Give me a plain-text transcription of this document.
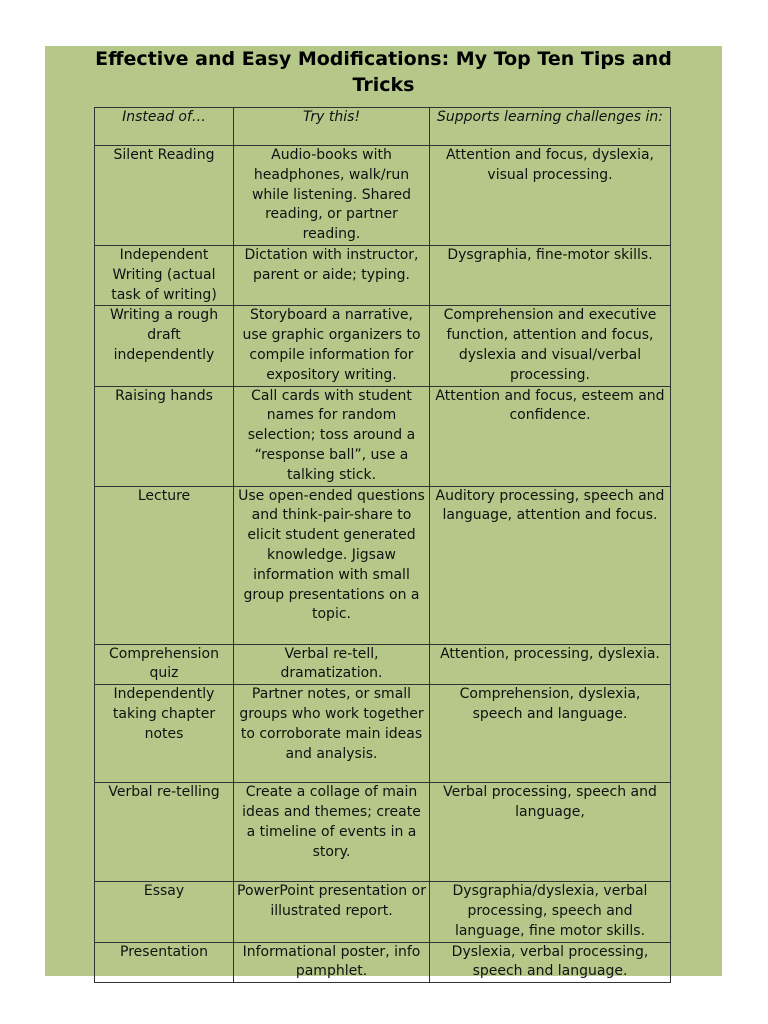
Effective and Easy Modifications: My Top Ten Tips and
Tricks
Instead of…	Try this!	Supports learning challenges in:
Silent Reading	Audio-books with headphones, walk/run while listening. Shared reading, or partner reading.	Attention and focus, dyslexia, visual processing.
Independent Writing (actual task of writing)	Dictation with instructor, parent or aide; typing.	Dysgraphia, fine-motor skills.
Writing a rough draft independently	Storyboard a narrative, use graphic organizers to compile information for expository writing.	Comprehension and executive function, attention and focus, dyslexia and visual/verbal processing.
Raising hands	Call cards with student names for random selection; toss around a “response ball”, use a talking stick.	Attention and focus, esteem and confidence.
Lecture	Use open-ended questions and think-pair-share to elicit student generated knowledge. Jigsaw information with small group presentations on a topic.	Auditory processing, speech and language, attention and focus.
Comprehension quiz	Verbal re-tell, dramatization.	Attention, processing, dyslexia.
Independently taking chapter notes	Partner notes, or small groups who work together to corroborate main ideas and analysis.	Comprehension, dyslexia, speech and language.
Verbal re-telling	Create a collage of main ideas and themes; create a timeline of events in a story.	Verbal processing, speech and language,
Essay	PowerPoint presentation or illustrated report.	Dysgraphia/dyslexia, verbal processing, speech and language, fine motor skills.
Presentation	Informational poster, info pamphlet.	Dyslexia, verbal processing, speech and language.
